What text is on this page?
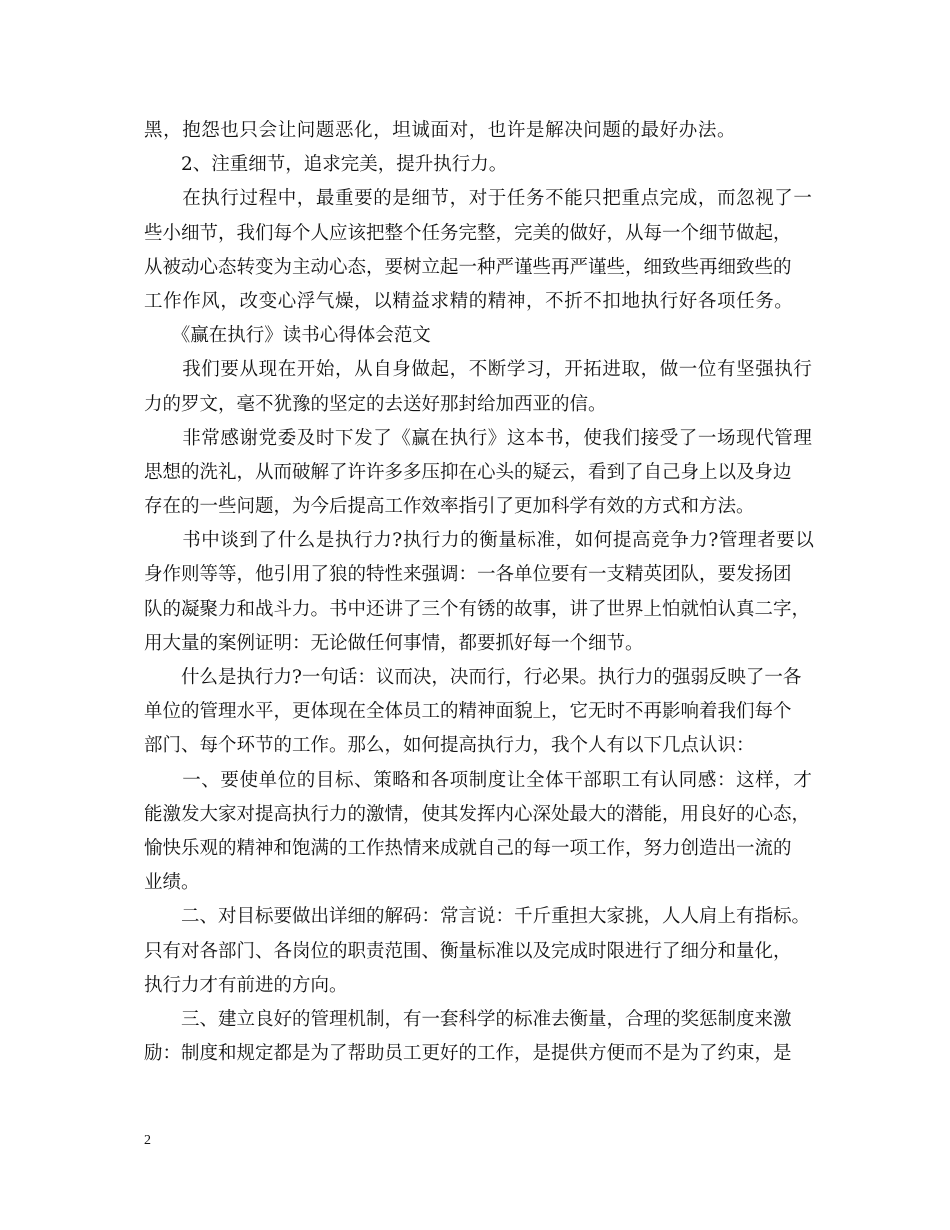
黑，抱怨也只会让问题恶化，坦诚面对，也许是解决问题的最好办法。
　　2、注重细节，追求完美，提升执行力。
　　在执行过程中，最重要的是细节，对于任务不能只把重点完成，而忽视了一
些小细节，我们每个人应该把整个任务完整，完美的做好，从每一个细节做起，
从被动心态转变为主动心态，要树立起一种严谨些再严谨些，细致些再细致些的
工作作风，改变心浮气燥，以精益求精的精神，不折不扣地执行好各项任务。
　　《赢在执行》读书心得体会范文
　　我们要从现在开始，从自身做起，不断学习，开拓进取，做一位有坚强执行
力的罗文，毫不犹豫的坚定的去送好那封给加西亚的信。
　　非常感谢党委及时下发了《赢在执行》这本书，使我们接受了一场现代管理
思想的洗礼，从而破解了许许多多压抑在心头的疑云，看到了自己身上以及身边
存在的一些问题，为今后提高工作效率指引了更加科学有效的方式和方法。
　　书中谈到了什么是执行力?执行力的衡量标准，如何提高竞争力?管理者要以
身作则等等，他引用了狼的特性来强调：一各单位要有一支精英团队，要发扬团
队的凝聚力和战斗力。书中还讲了三个有锈的故事，讲了世界上怕就怕认真二字，
用大量的案例证明：无论做任何事情，都要抓好每一个细节。
　　什么是执行力?一句话：议而决，决而行，行必果。执行力的强弱反映了一各
单位的管理水平，更体现在全体员工的精神面貌上，它无时不再影响着我们每个
部门、每个环节的工作。那么，如何提高执行力，我个人有以下几点认识：
　　一、要使单位的目标、策略和各项制度让全体干部职工有认同感：这样，才
能激发大家对提高执行力的激情，使其发挥内心深处最大的潜能，用良好的心态，
愉快乐观的精神和饱满的工作热情来成就自己的每一项工作，努力创造出一流的
业绩。
　　二、对目标要做出详细的解码：常言说：千斤重担大家挑，人人肩上有指标。
只有对各部门、各岗位的职责范围、衡量标准以及完成时限进行了细分和量化，
执行力才有前进的方向。
　　三、建立良好的管理机制，有一套科学的标准去衡量，合理的奖惩制度来激
励：制度和规定都是为了帮助员工更好的工作，是提供方便而不是为了约束，是
2
